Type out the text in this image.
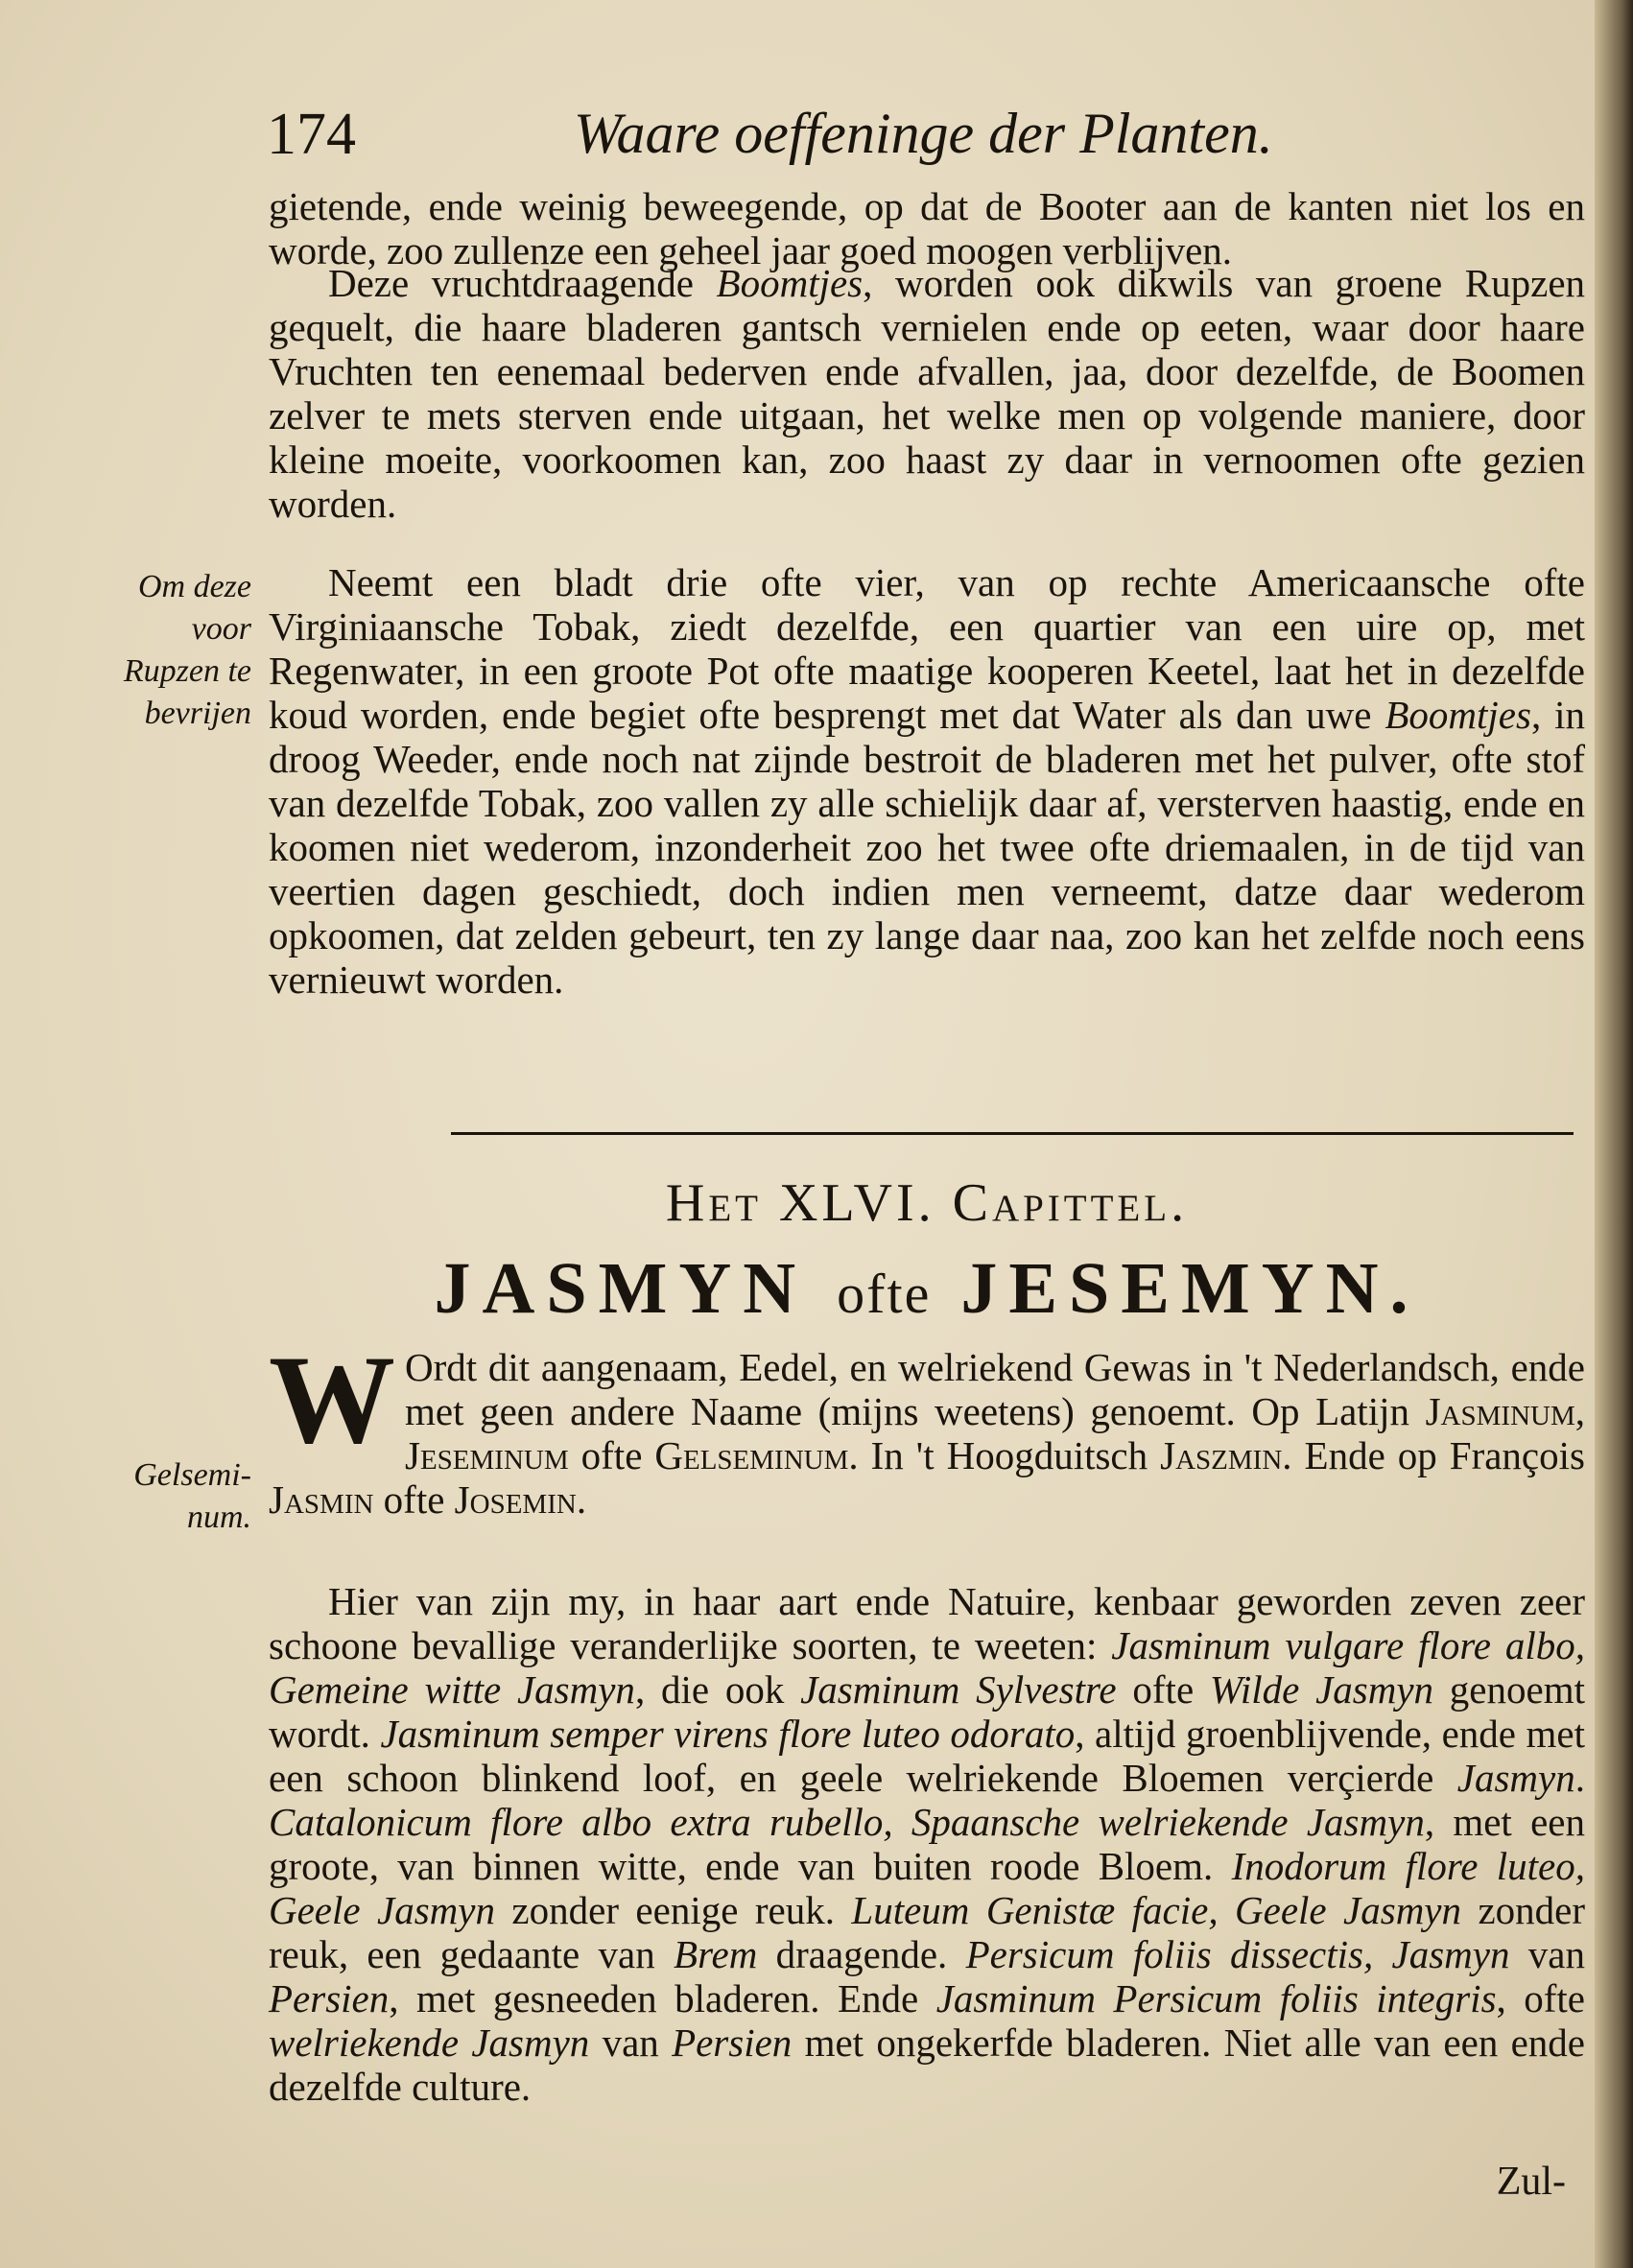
174	Waare oeffeninge der Planten.
Om deze voor Rupzen te bevrijen
Gelsemi- num.

gietende, ende weinig beweegende, op dat de Booter aan de kanten niet los en worde, zoo zullenze een geheel jaar goed moogen verblijven.

Deze vruchtdraagende Boomtjes, worden ook dikwils van groene Rupzen gequelt, die haare bladeren gantsch vernielen ende op eeten, waar door haare Vruchten ten eenemaal bederven ende afvallen, jaa, door dezelfde, de Boomen zelver te mets sterven ende uitgaan, het welke men op volgende maniere, door kleine moeite, voorkoomen kan, zoo haast zy daar in vernoomen ofte gezien worden.

Neemt een bladt drie ofte vier, van op rechte Americaansche ofte Virginiaansche Tobak, ziedt dezelfde, een quartier van een uire op, met Regenwater, in een groote Pot ofte maatige kooperen Keetel, laat het in dezelfde koud worden, ende begiet ofte besprengt met dat Water als dan uwe Boomtjes, in droog Weeder, ende noch nat zijnde bestroit de bladeren met het pulver, ofte stof van dezelfde Tobak, zoo vallen zy alle schielijk daar af, versterven haastig, ende en koomen niet wederom, inzonderheit zoo het twee ofte driemaalen, in de tijd van veertien dagen geschiedt, doch indien men verneemt, datze daar wederom opkoomen, dat zelden gebeurt, ten zy lange daar naa, zoo kan het zelfde noch eens vernieuwt worden.

Het XLVI. Capittel.
JASMYN ofte JESEMYN.

W Ordt dit aangenaam, Eedel, en welriekend Gewas in 't Nederlandsch, ende met geen andere Naame (mijns weetens) genoemt. Op Latijn Jasminum, Jeseminum ofte Gelseminum. In 't Hoogduitsch Jaszmin. Ende op François Jasmin ofte Josemin.

Hier van zijn my, in haar aart ende Natuire, kenbaar geworden zeven zeer schoone bevallige veranderlijke soorten, te weeten: Jasminum vulgare flore albo, Gemeine witte Jasmyn, die ook Jasminum Sylvestre ofte Wilde Jasmyn genoemt wordt. Jasminum semper virens flore luteo odorato, altijd groenblijvende, ende met een schoon blinkend loof, en geele welriekende Bloemen verçierde Jasmyn. Catalonicum flore albo extra rubello, Spaansche welriekende Jasmyn, met een groote, van binnen witte, ende van buiten roode Bloem. Inodorum flore luteo, Geele Jasmyn zonder eenige reuk. Luteum Genistæ facie, Geele Jasmyn zonder reuk, een gedaante van Brem draagende. Persicum foliis dissectis, Jasmyn van Persien, met gesneeden bladeren. Ende Jasminum Persicum foliis integris, ofte welriekende Jasmyn van Persien met ongekerfde bladeren. Niet alle van een ende dezelfde culture.

Zul-
